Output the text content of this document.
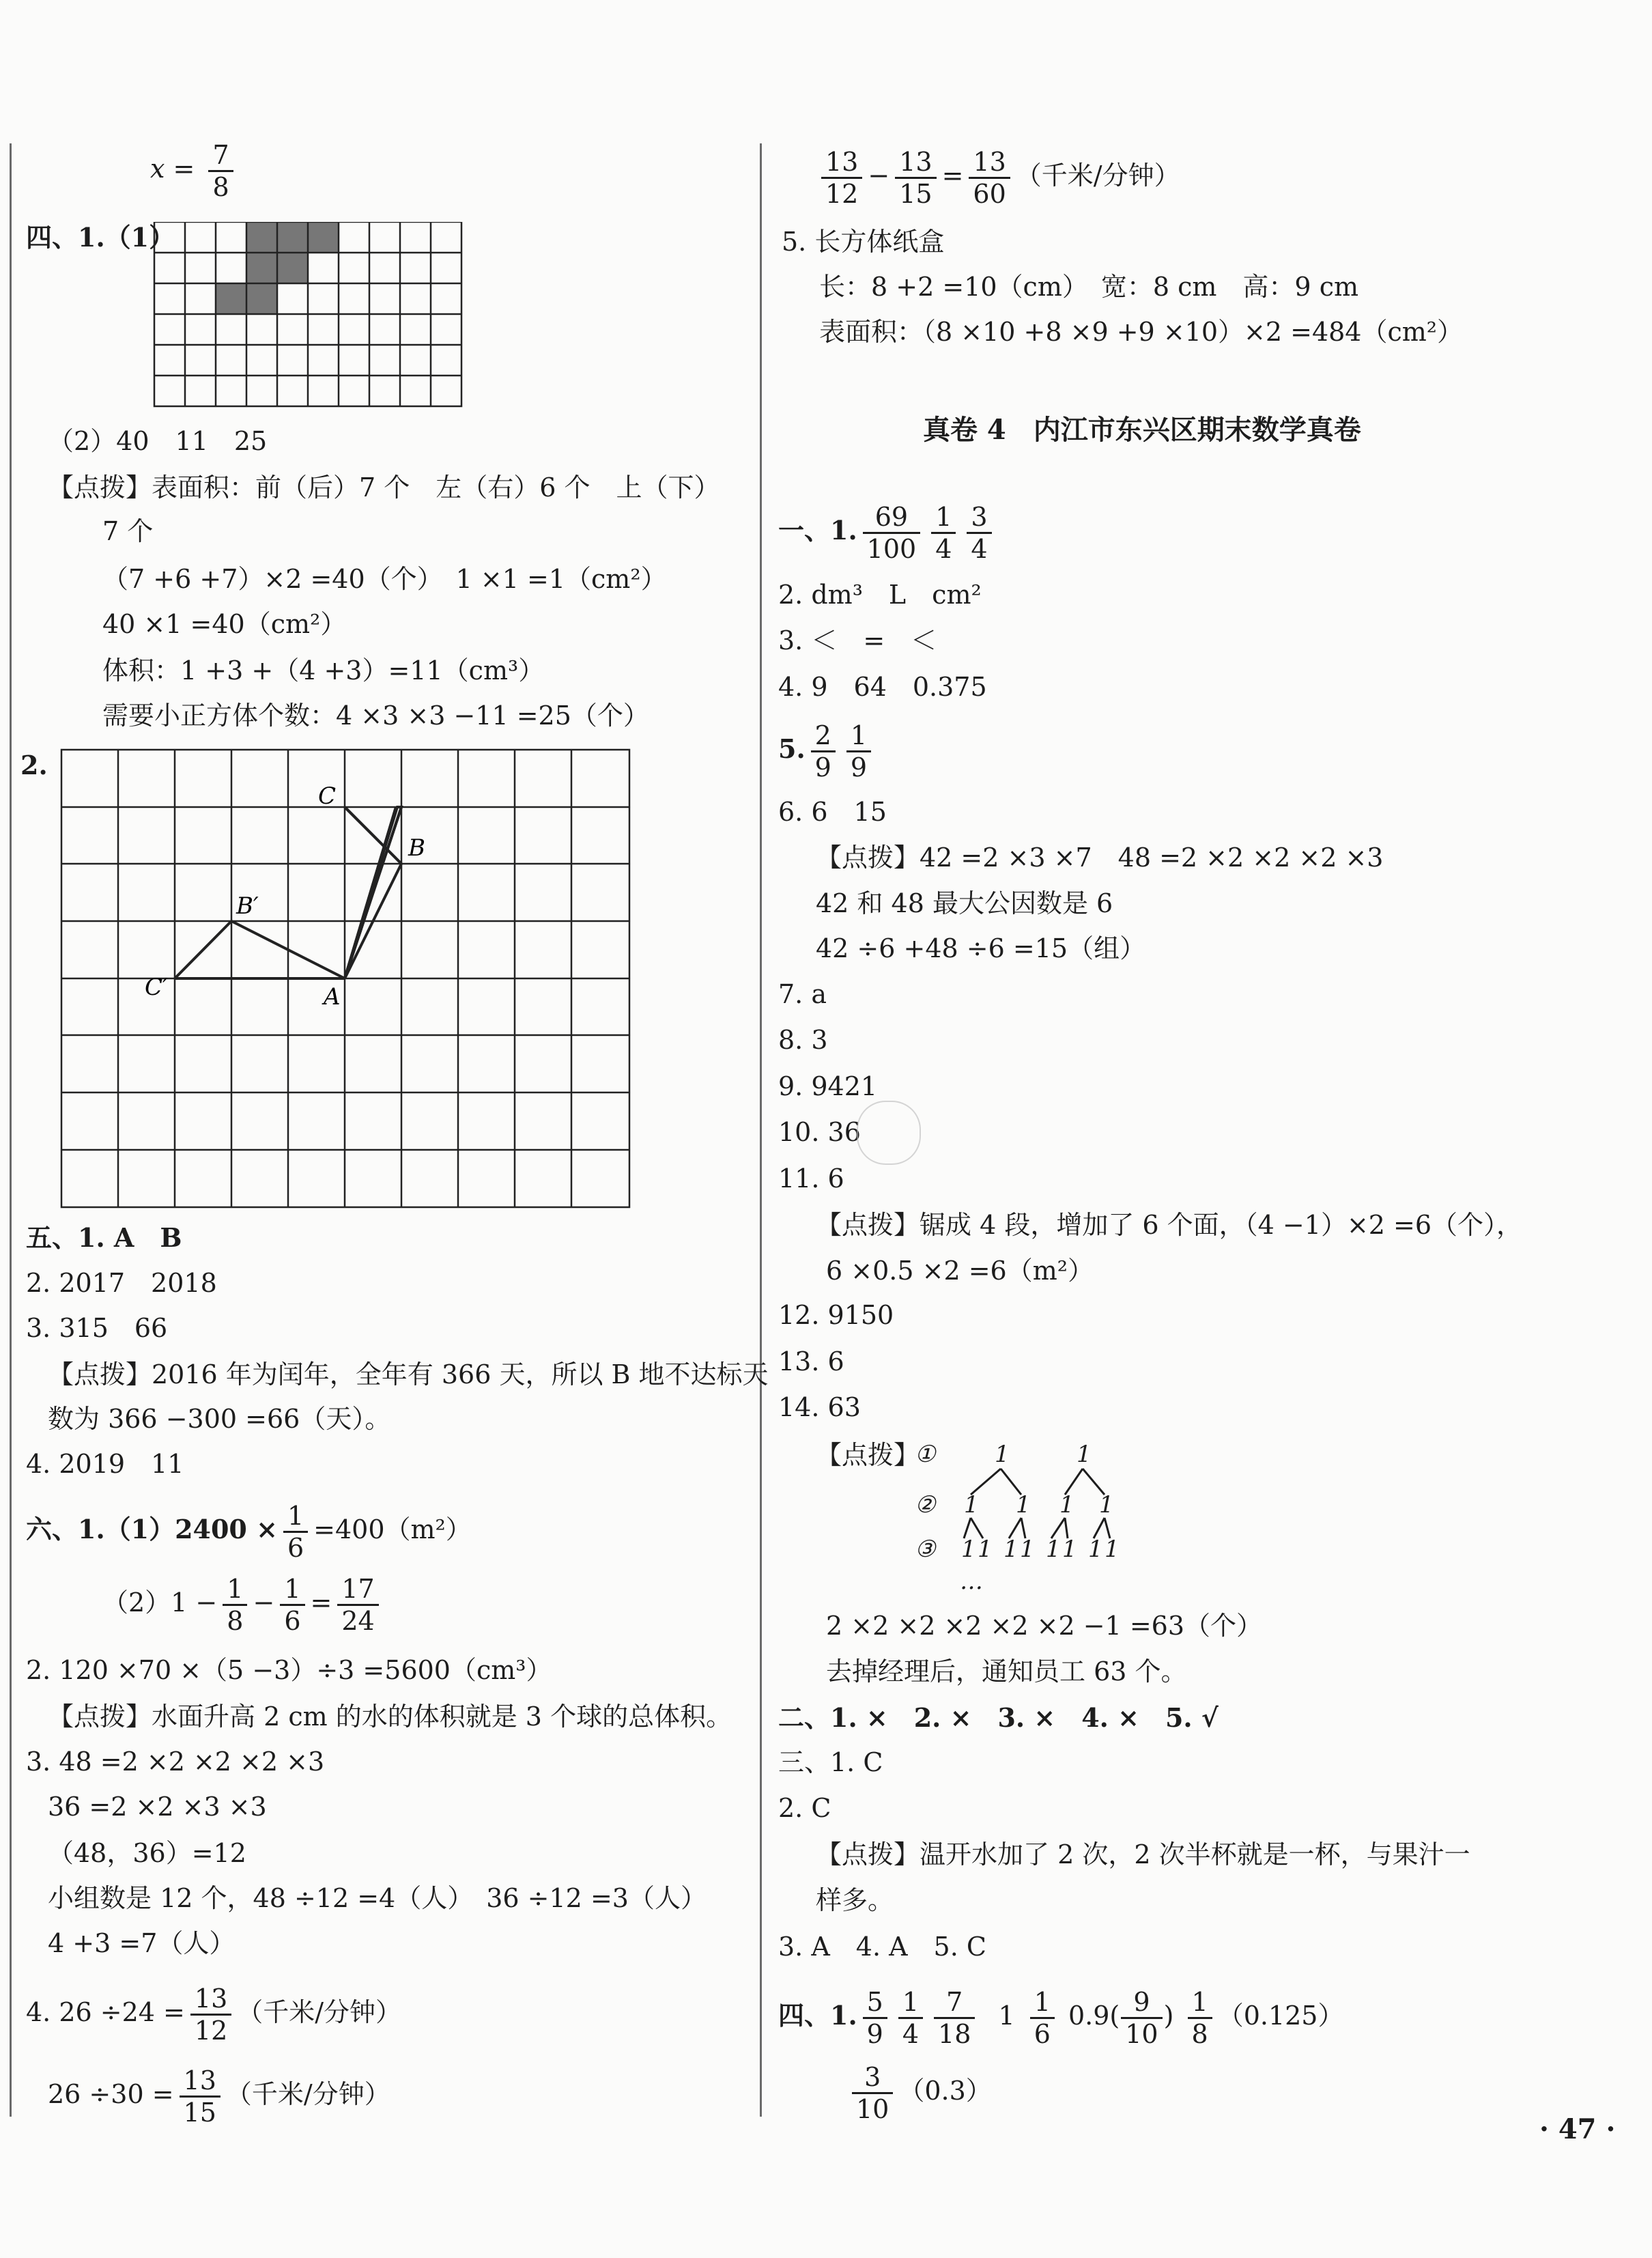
$x = \frac{7}{8}$
四、1.（1）
（2）40　11　25
【点拨】表面积：前（后）7 个　左（右）6 个　上（下）
7 个
（7 +6 +7）×2 =40（个）　1 ×1 =1（cm²）
40 ×1 =40（cm²）
体积：1 +3 +（4 +3）=11（cm³）
需要小正方体个数：4 ×3 ×3 −11 =25（个）
2.
C
B
B′
C′	A
五、1. A　B
2. 2017　2018
3. 315　66
【点拨】2016 年为闰年，全年有 366 天，所以 B 地不达标天
数为 366 −300 =66（天）。
4. 2019　11
六、$1.(1)2400 \times \frac{1}{6} =400(m^2)$
$(2)1 - \frac{1}{8} - \frac{1}{6} = \frac{17}{24}$
2. 120 ×70 ×（5 −3）÷3 =5600（cm³）
【点拨】水面升高 2 cm 的水的体积就是 3 个球的总体积。
3. 48 =2 ×2 ×2 ×2 ×3
36 =2 ×2 ×3 ×3
（48，36）=12
小组数是 12 个，48 ÷12 =4（人）　36 ÷12 =3（人）
4 +3 =7（人）
4. $26 \div 24 = \frac{13}{12}$ （千米/分钟）
$26 \div 30 = \frac{13}{15}$ （千米/分钟）
$\frac{13}{12} - \frac{13}{15} = \frac{13}{60}$ （千米/分钟）
5. 长方体纸盒
长：8 +2 =10（cm）　宽：8 cm　高：9 cm
表面积：（8 ×10 +8 ×9 +9 ×10）×2 =484（cm²）
真卷 4　内江市东兴区期末数学真卷
一、1. $\frac{69}{100} \frac{1}{4} \frac{3}{4}$
2. dm³　L　cm²
3. ＜　=　＜
4. 9　64　0.375
5. $\frac{2}{9} \frac{1}{9}$
6. 6　15
【点拨】42 =2 ×3 ×7　48 =2 ×2 ×2 ×2 ×3
42 和 48 最大公因数是 6
42 ÷6 +48 ÷6 =15（组）
7. a
8. 3
9. 9421
10. 36
11. 6
【点拨】锯成 4 段，增加了 6 个面，（4 −1）×2 =6（个），
6 ×0.5 ×2 =6（m²）
12. 9150
13. 6
14. 63
【点拨】
①
②
③
1	1
1 1 1 1
1 1 1 1 1 1 1 1
…
2 ×2 ×2 ×2 ×2 ×2 −1 =63（个）
去掉经理后，通知员工 63 个。
二、1. ×　2. ×　3. ×　4. ×　5. √
三、1. C
2. C
【点拨】温开水加了 2 次，2 次半杯就是一杯，与果汁一
样多。
3. A　4. A　5. C
四、1. $\frac{5}{9} \frac{1}{4} \frac{7}{18} 1 \frac{1}{6} 0.9( \frac{9}{10}$ ) $\frac{1}{8} (0.125)$
$\frac{3}{10} (0.3)$
· 47 ·
